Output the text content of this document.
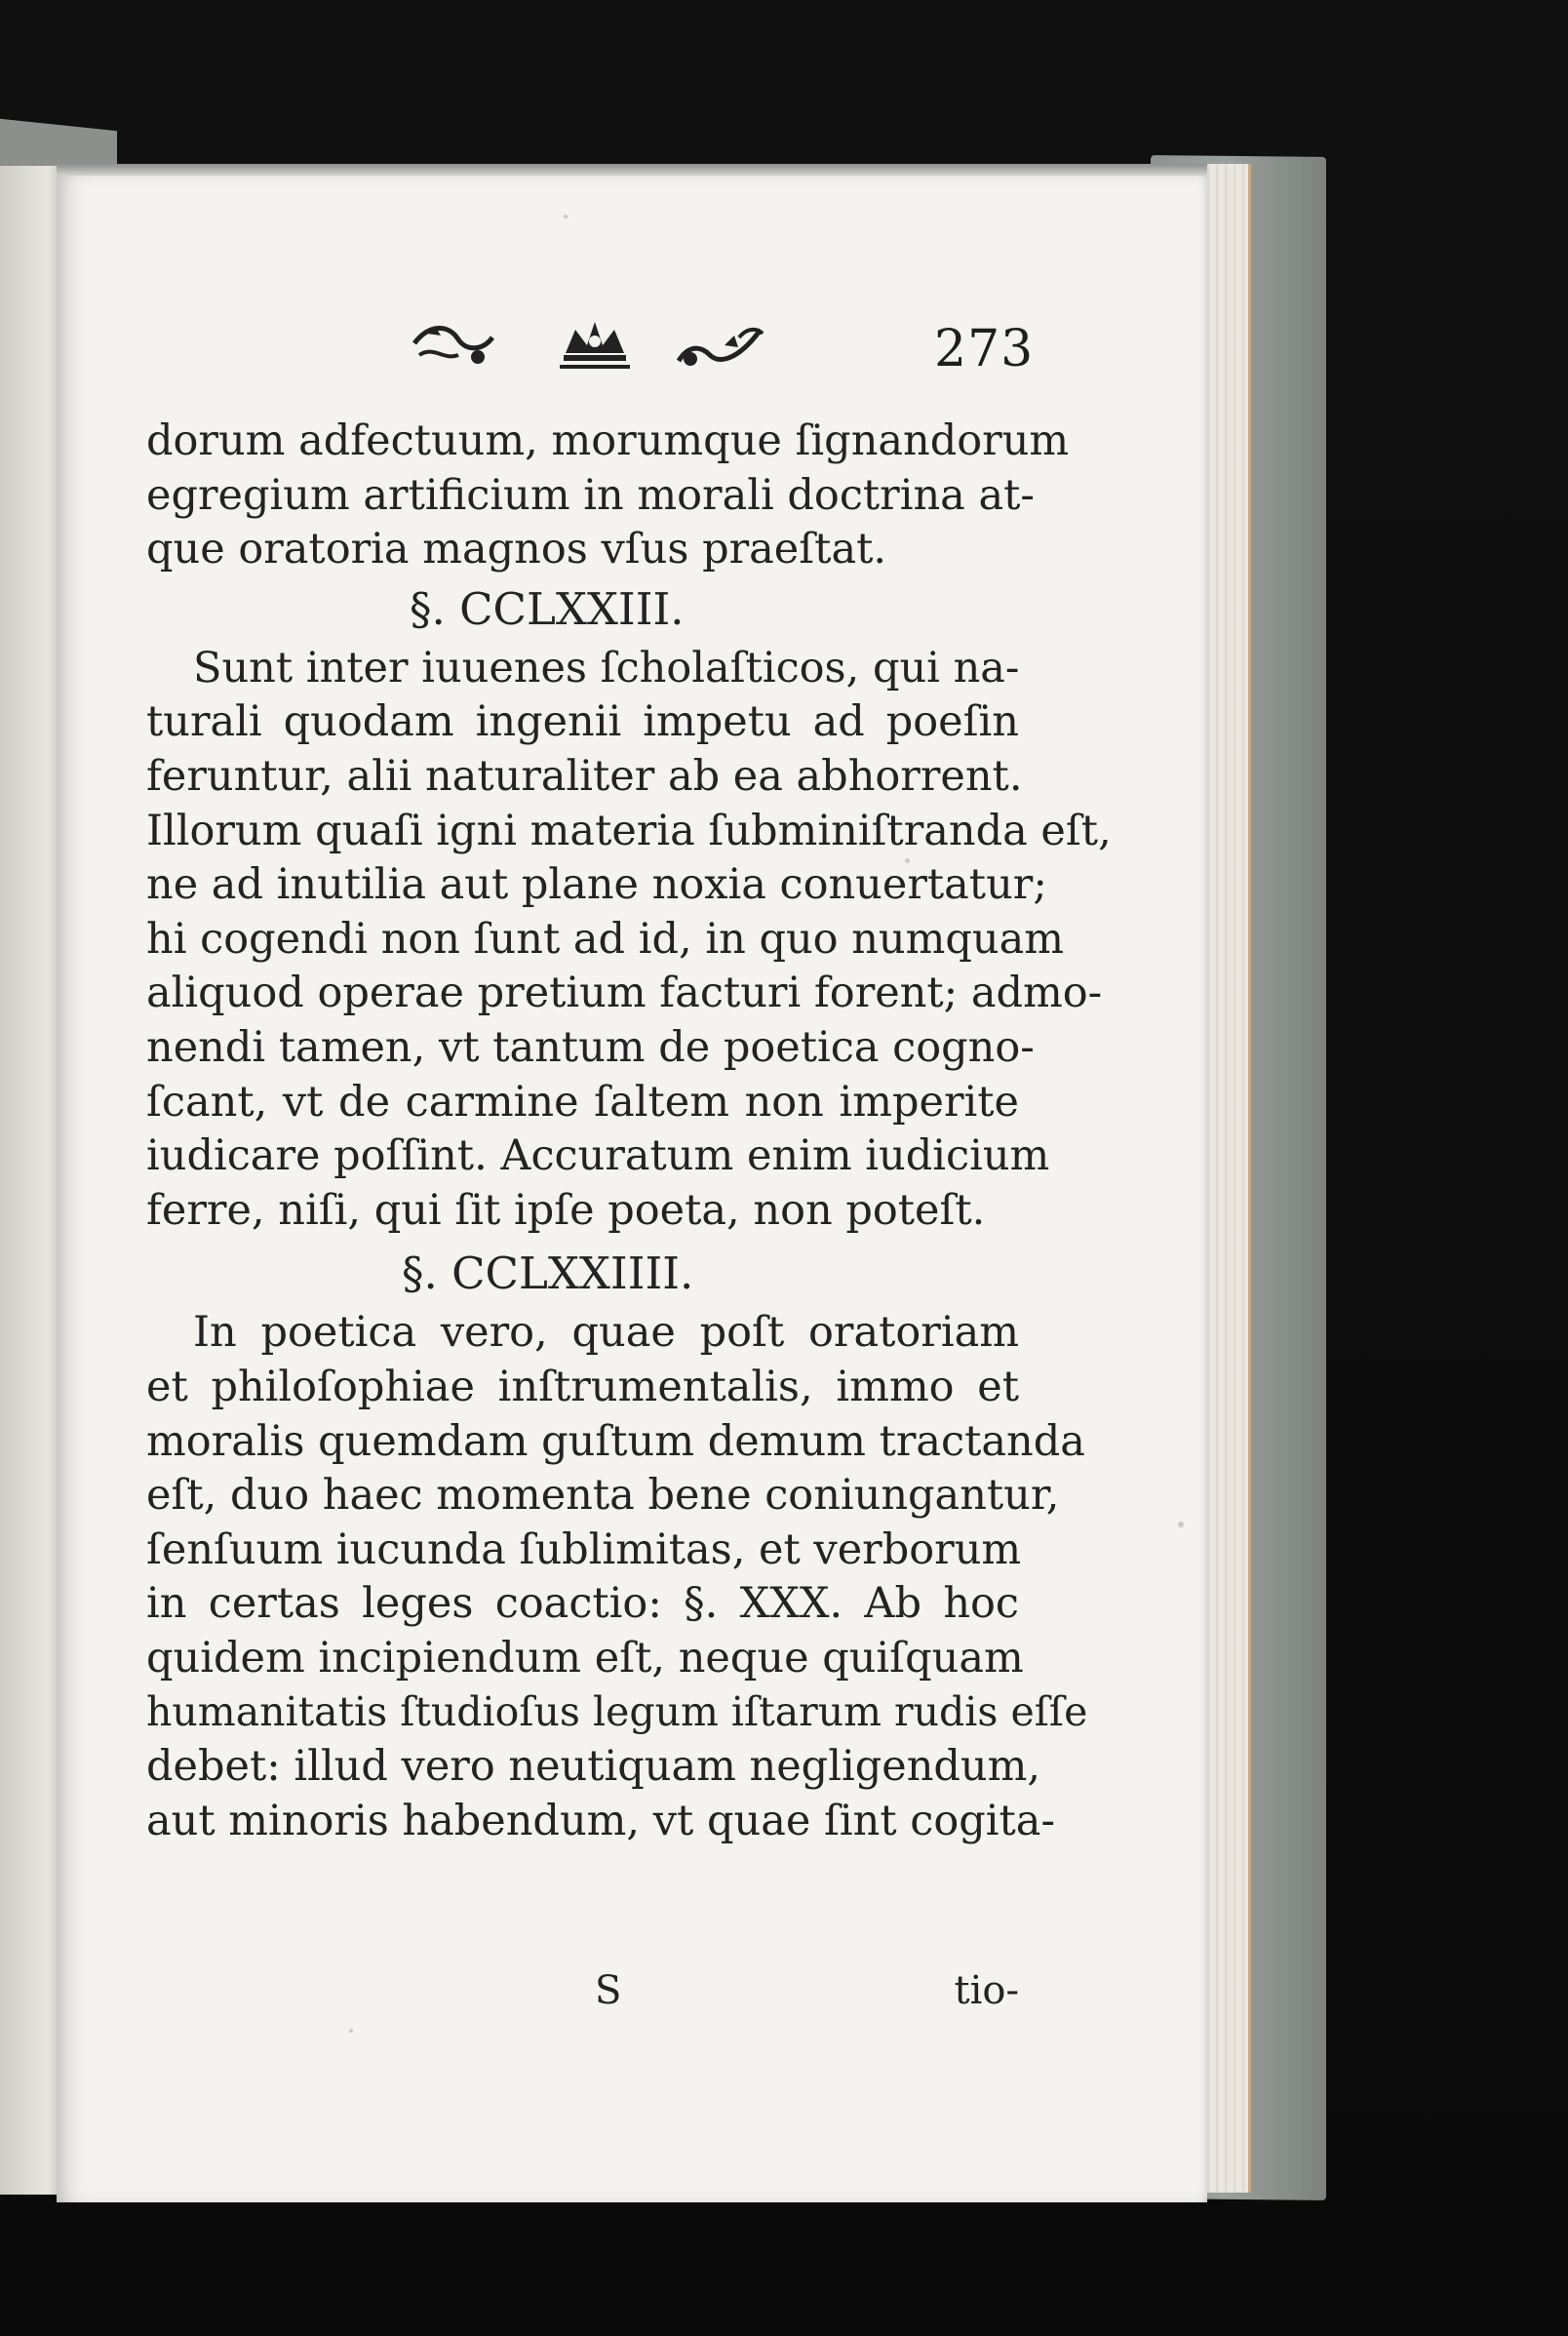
273
dorum adfectuum, morumque ſignandorum
egregium artificium in morali doctrina at-
que oratoria magnos vſus praeſtat.
§. CCLXXIII.
Sunt inter iuuenes ſcholaſticos, qui na-
turali quodam ingenii impetu ad poeſin
feruntur, alii naturaliter ab ea abhorrent.
Illorum quaſi igni materia ſubminiſtranda eſt,
ne ad inutilia aut plane noxia conuertatur;
hi cogendi non ſunt ad id, in quo numquam
aliquod operae pretium facturi forent; admo-
nendi tamen, vt tantum de poetica cogno-
ſcant, vt de carmine ſaltem non imperite
iudicare poſſint. Accuratum enim iudicium
ferre, niſi, qui ſit ipſe poeta, non poteſt.
§. CCLXXIIII.
In poetica vero, quae poſt oratoriam
et philoſophiae inſtrumentalis, immo et
moralis quemdam guſtum demum tractanda
eſt, duo haec momenta bene coniungantur,
ſenſuum iucunda ſublimitas, et verborum
in certas leges coactio: §. XXX. Ab hoc
quidem incipiendum eſt, neque quiſquam
humanitatis ſtudioſus legum iſtarum rudis eſſe
debet: illud vero neutiquam negligendum,
aut minoris habendum, vt quae ſint cogita-
S	tio-
